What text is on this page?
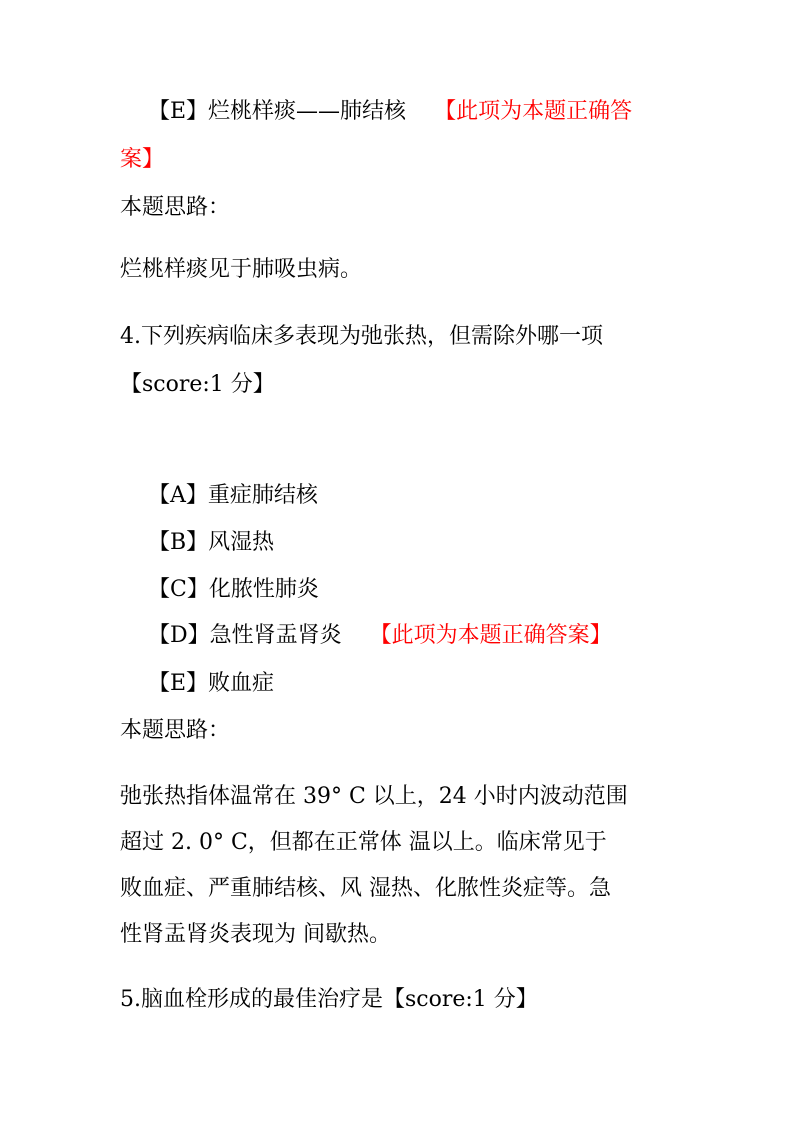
【E】烂桃样痰——肺结核 【此项为本题正确答
案】
本题思路：
烂桃样痰见于肺吸虫病。
4.下列疾病临床多表现为弛张热，但需除外哪一项
【score:1 分】
【A】重症肺结核
【B】风湿热
【C】化脓性肺炎
【D】急性肾盂肾炎 【此项为本题正确答案】
【E】败血症
本题思路：
弛张热指体温常在 39° C 以上，24 小时内波动范围
超过 2. 0° C，但都在正常体 温以上。临床常见于
败血症、严重肺结核、风 湿热、化脓性炎症等。急
性肾盂肾炎表现为 间歇热。
5.脑血栓形成的最佳治疗是【score:1 分】
